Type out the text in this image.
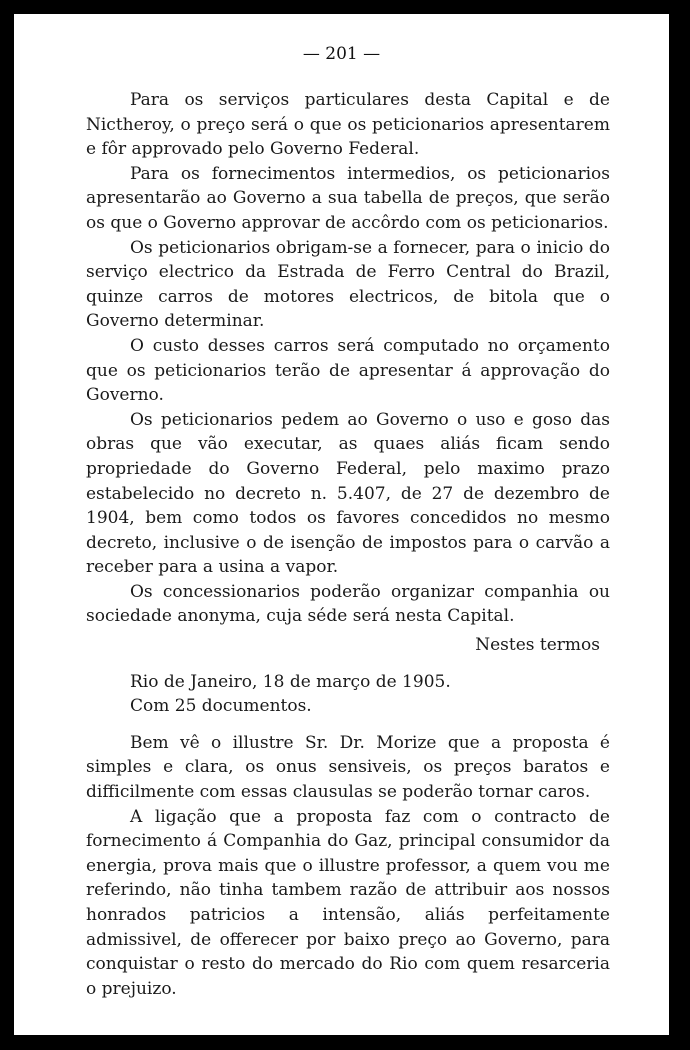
— 201 —

Para os serviços particulares desta Capital e de Nictheroy, o preço será o que os peticionarios apresentarem e fôr approvado pelo Governo Federal.

Para os fornecimentos intermedios, os peticionarios apresentarão ao Governo a sua tabella de preços, que serão os que o Governo approvar de accôrdo com os peticionarios.

Os peticionarios obrigam-se a fornecer, para o inicio do serviço electrico da Estrada de Ferro Central do Brazil, quinze carros de motores electricos, de bitola que o Governo determinar.

O custo desses carros será computado no orçamento que os peticionarios terão de apresentar á approvação do Governo.

Os peticionarios pedem ao Governo o uso e goso das obras que vão executar, as quaes aliás ficam sendo propriedade do Governo Federal, pelo maximo prazo estabelecido no decreto n. 5.407, de 27 de dezembro de 1904, bem como todos os favores concedidos no mesmo decreto, inclusive o de isenção de impostos para o carvão a receber para a usina a vapor.

Os concessionarios poderão organizar companhia ou sociedade anonyma, cuja séde será nesta Capital.

Nestes termos

Rio de Janeiro, 18 de março de 1905.

Com 25 documentos.

Bem vê o illustre Sr. Dr. Morize que a proposta é simples e clara, os onus sensiveis, os preços baratos e difficilmente com essas clausulas se poderão tornar caros.

A ligação que a proposta faz com o contracto de fornecimento á Companhia do Gaz, principal consumidor da energia, prova mais que o illustre professor, a quem vou me referindo, não tinha tambem razão de attribuir aos nossos honrados patricios a intensão, aliás perfeitamente admissivel, de offerecer por baixo preço ao Governo, para conquistar o resto do mercado do Rio com quem resarceria o prejuizo.
